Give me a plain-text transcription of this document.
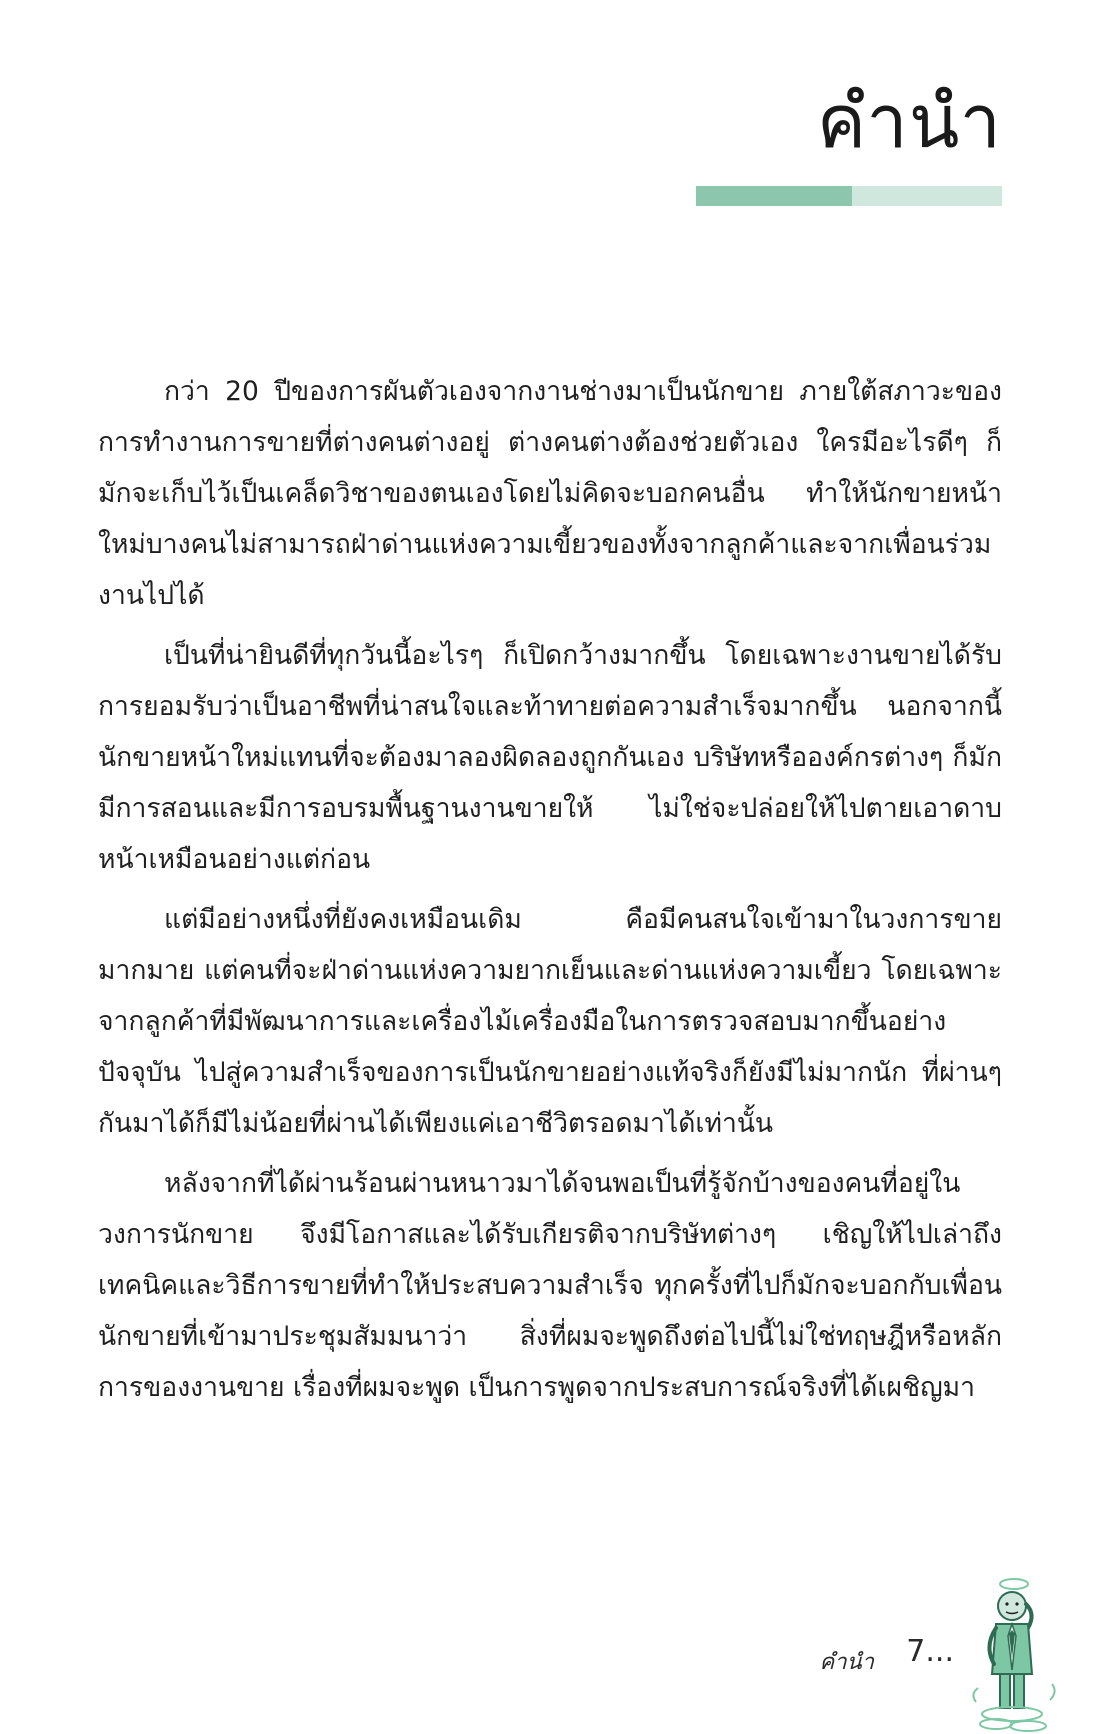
คำนำ

กว่า 20 ปีของการผันตัวเองจากงานช่างมาเป็นนักขาย ภายใต้สภาวะของการทำงานการขายที่ต่างคนต่างอยู่ ต่างคนต่างต้องช่วยตัวเอง ใครมีอะไรดีๆ ก็มักจะเก็บไว้เป็นเคล็ดวิชาของตนเองโดยไม่คิดจะบอกคนอื่น ทำให้นักขายหน้าใหม่บางคนไม่สามารถฝ่าด่านแห่งความเขี้ยวของทั้งจากลูกค้าและจากเพื่อนร่วมงานไปได้

เป็นที่น่ายินดีที่ทุกวันนี้อะไรๆ ก็เปิดกว้างมากขึ้น โดยเฉพาะงานขายได้รับการยอมรับว่าเป็นอาชีพที่น่าสนใจและท้าทายต่อความสำเร็จมากขึ้น นอกจากนี้ นักขายหน้าใหม่แทนที่จะต้องมาลองผิดลองถูกกันเอง บริษัทหรือองค์กรต่างๆ ก็มักมีการสอนและมีการอบรมพื้นฐานงานขายให้ ไม่ใช่จะปล่อยให้ไปตายเอาดาบหน้าเหมือนอย่างแต่ก่อน

แต่มีอย่างหนึ่งที่ยังคงเหมือนเดิม คือมีคนสนใจเข้ามาในวงการขายมากมาย แต่คนที่จะฝ่าด่านแห่งความยากเย็นและด่านแห่งความเขี้ยว โดยเฉพาะจากลูกค้าที่มีพัฒนาการและเครื่องไม้เครื่องมือในการตรวจสอบมากขึ้นอย่างปัจจุบัน ไปสู่ความสำเร็จของการเป็นนักขายอย่างแท้จริงก็ยังมีไม่มากนัก ที่ผ่านๆ กันมาได้ก็มีไม่น้อยที่ผ่านได้เพียงแค่เอาชีวิตรอดมาได้เท่านั้น

หลังจากที่ได้ผ่านร้อนผ่านหนาวมาได้จนพอเป็นที่รู้จักบ้างของคนที่อยู่ในวงการนักขาย จึงมีโอกาสและได้รับเกียรติจากบริษัทต่างๆ เชิญให้ไปเล่าถึงเทคนิคและวิธีการขายที่ทำให้ประสบความสำเร็จ ทุกครั้งที่ไปก็มักจะบอกกับเพื่อนนักขายที่เข้ามาประชุมสัมมนาว่า สิ่งที่ผมจะพูดถึงต่อไปนี้ไม่ใช่ทฤษฎีหรือหลักการของงานขาย เรื่องที่ผมจะพูด เป็นการพูดจากประสบการณ์จริงที่ได้เผชิญมา

คำนำ 7...
